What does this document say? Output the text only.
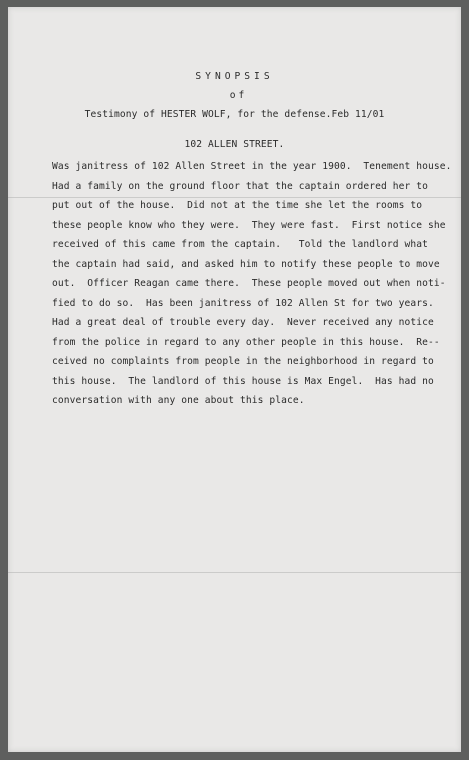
SYNOPSIS
of
Testimony of HESTER WOLF, for the defense.Feb 11/01
102 ALLEN STREET.
Was janitress of 102 Allen Street in the year 1900.  Tenement house.
Had a family on the ground floor that the captain ordered her to
put out of the house.  Did not at the time she let the rooms to
these people know who they were.  They were fast.  First notice she
received of this came from the captain.   Told the landlord what
the captain had said, and asked him to notify these people to move
out.  Officer Reagan came there.  These people moved out when noti-
fied to do so.  Has been janitress of 102 Allen St for two years.
Had a great deal of trouble every day.  Never received any notice
from the police in regard to any other people in this house.  Re--
ceived no complaints from people in the neighborhood in regard to
this house.  The landlord of this house is Max Engel.  Has had no
conversation with any one about this place.
